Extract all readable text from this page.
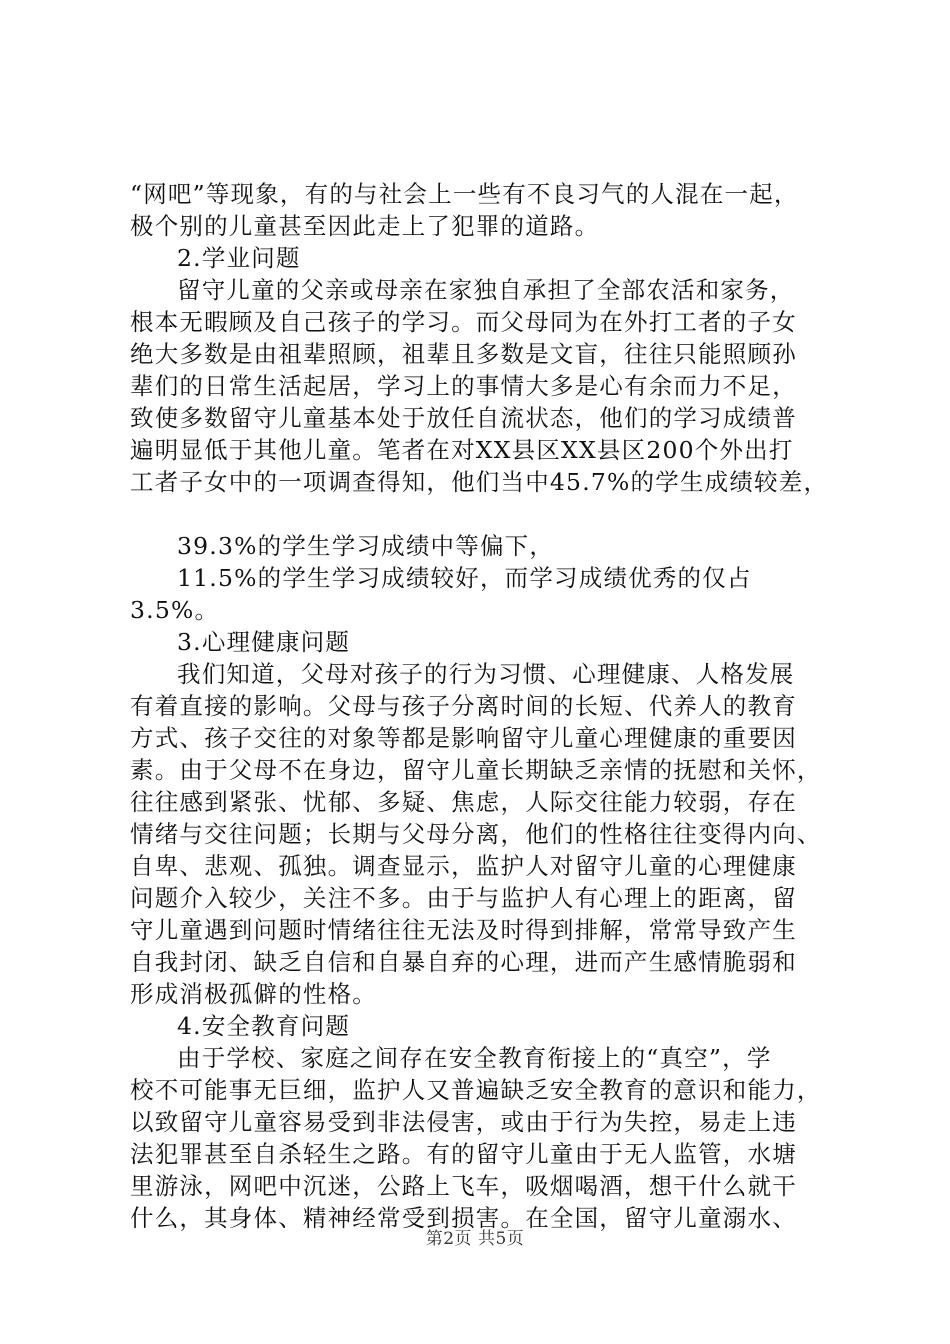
“网吧”等现象，有的与社会上一些有不良习气的人混在一起，
极个别的儿童甚至因此走上了犯罪的道路。
2.学业问题
留守儿童的父亲或母亲在家独自承担了全部农活和家务，
根本无暇顾及自己孩子的学习。而父母同为在外打工者的子女
绝大多数是由祖辈照顾，祖辈且多数是文盲，往往只能照顾孙
辈们的日常生活起居，学习上的事情大多是心有余而力不足，
致使多数留守儿童基本处于放任自流状态，他们的学习成绩普
遍明显低于其他儿童。笔者在对XX县区XX县区200个外出打
工者子女中的一项调查得知，他们当中45.7%的学生成绩较差，
39.3%的学生学习成绩中等偏下，
11.5%的学生学习成绩较好，而学习成绩优秀的仅占
3.5%。
3.心理健康问题
我们知道，父母对孩子的行为习惯、心理健康、人格发展
有着直接的影响。父母与孩子分离时间的长短、代养人的教育
方式、孩子交往的对象等都是影响留守儿童心理健康的重要因
素。由于父母不在身边，留守儿童长期缺乏亲情的抚慰和关怀，
往往感到紧张、忧郁、多疑、焦虑，人际交往能力较弱，存在
情绪与交往问题；长期与父母分离，他们的性格往往变得内向、
自卑、悲观、孤独。调查显示，监护人对留守儿童的心理健康
问题介入较少，关注不多。由于与监护人有心理上的距离，留
守儿童遇到问题时情绪往往无法及时得到排解，常常导致产生
自我封闭、缺乏自信和自暴自弃的心理，进而产生感情脆弱和
形成消极孤僻的性格。
4.安全教育问题
由于学校、家庭之间存在安全教育衔接上的“真空”，学
校不可能事无巨细，监护人又普遍缺乏安全教育的意识和能力，
以致留守儿童容易受到非法侵害，或由于行为失控，易走上违
法犯罪甚至自杀轻生之路。有的留守儿童由于无人监管，水塘
里游泳，网吧中沉迷，公路上飞车，吸烟喝酒，想干什么就干
什么，其身体、精神经常受到损害。在全国，留守儿童溺水、
第2页 共5页
